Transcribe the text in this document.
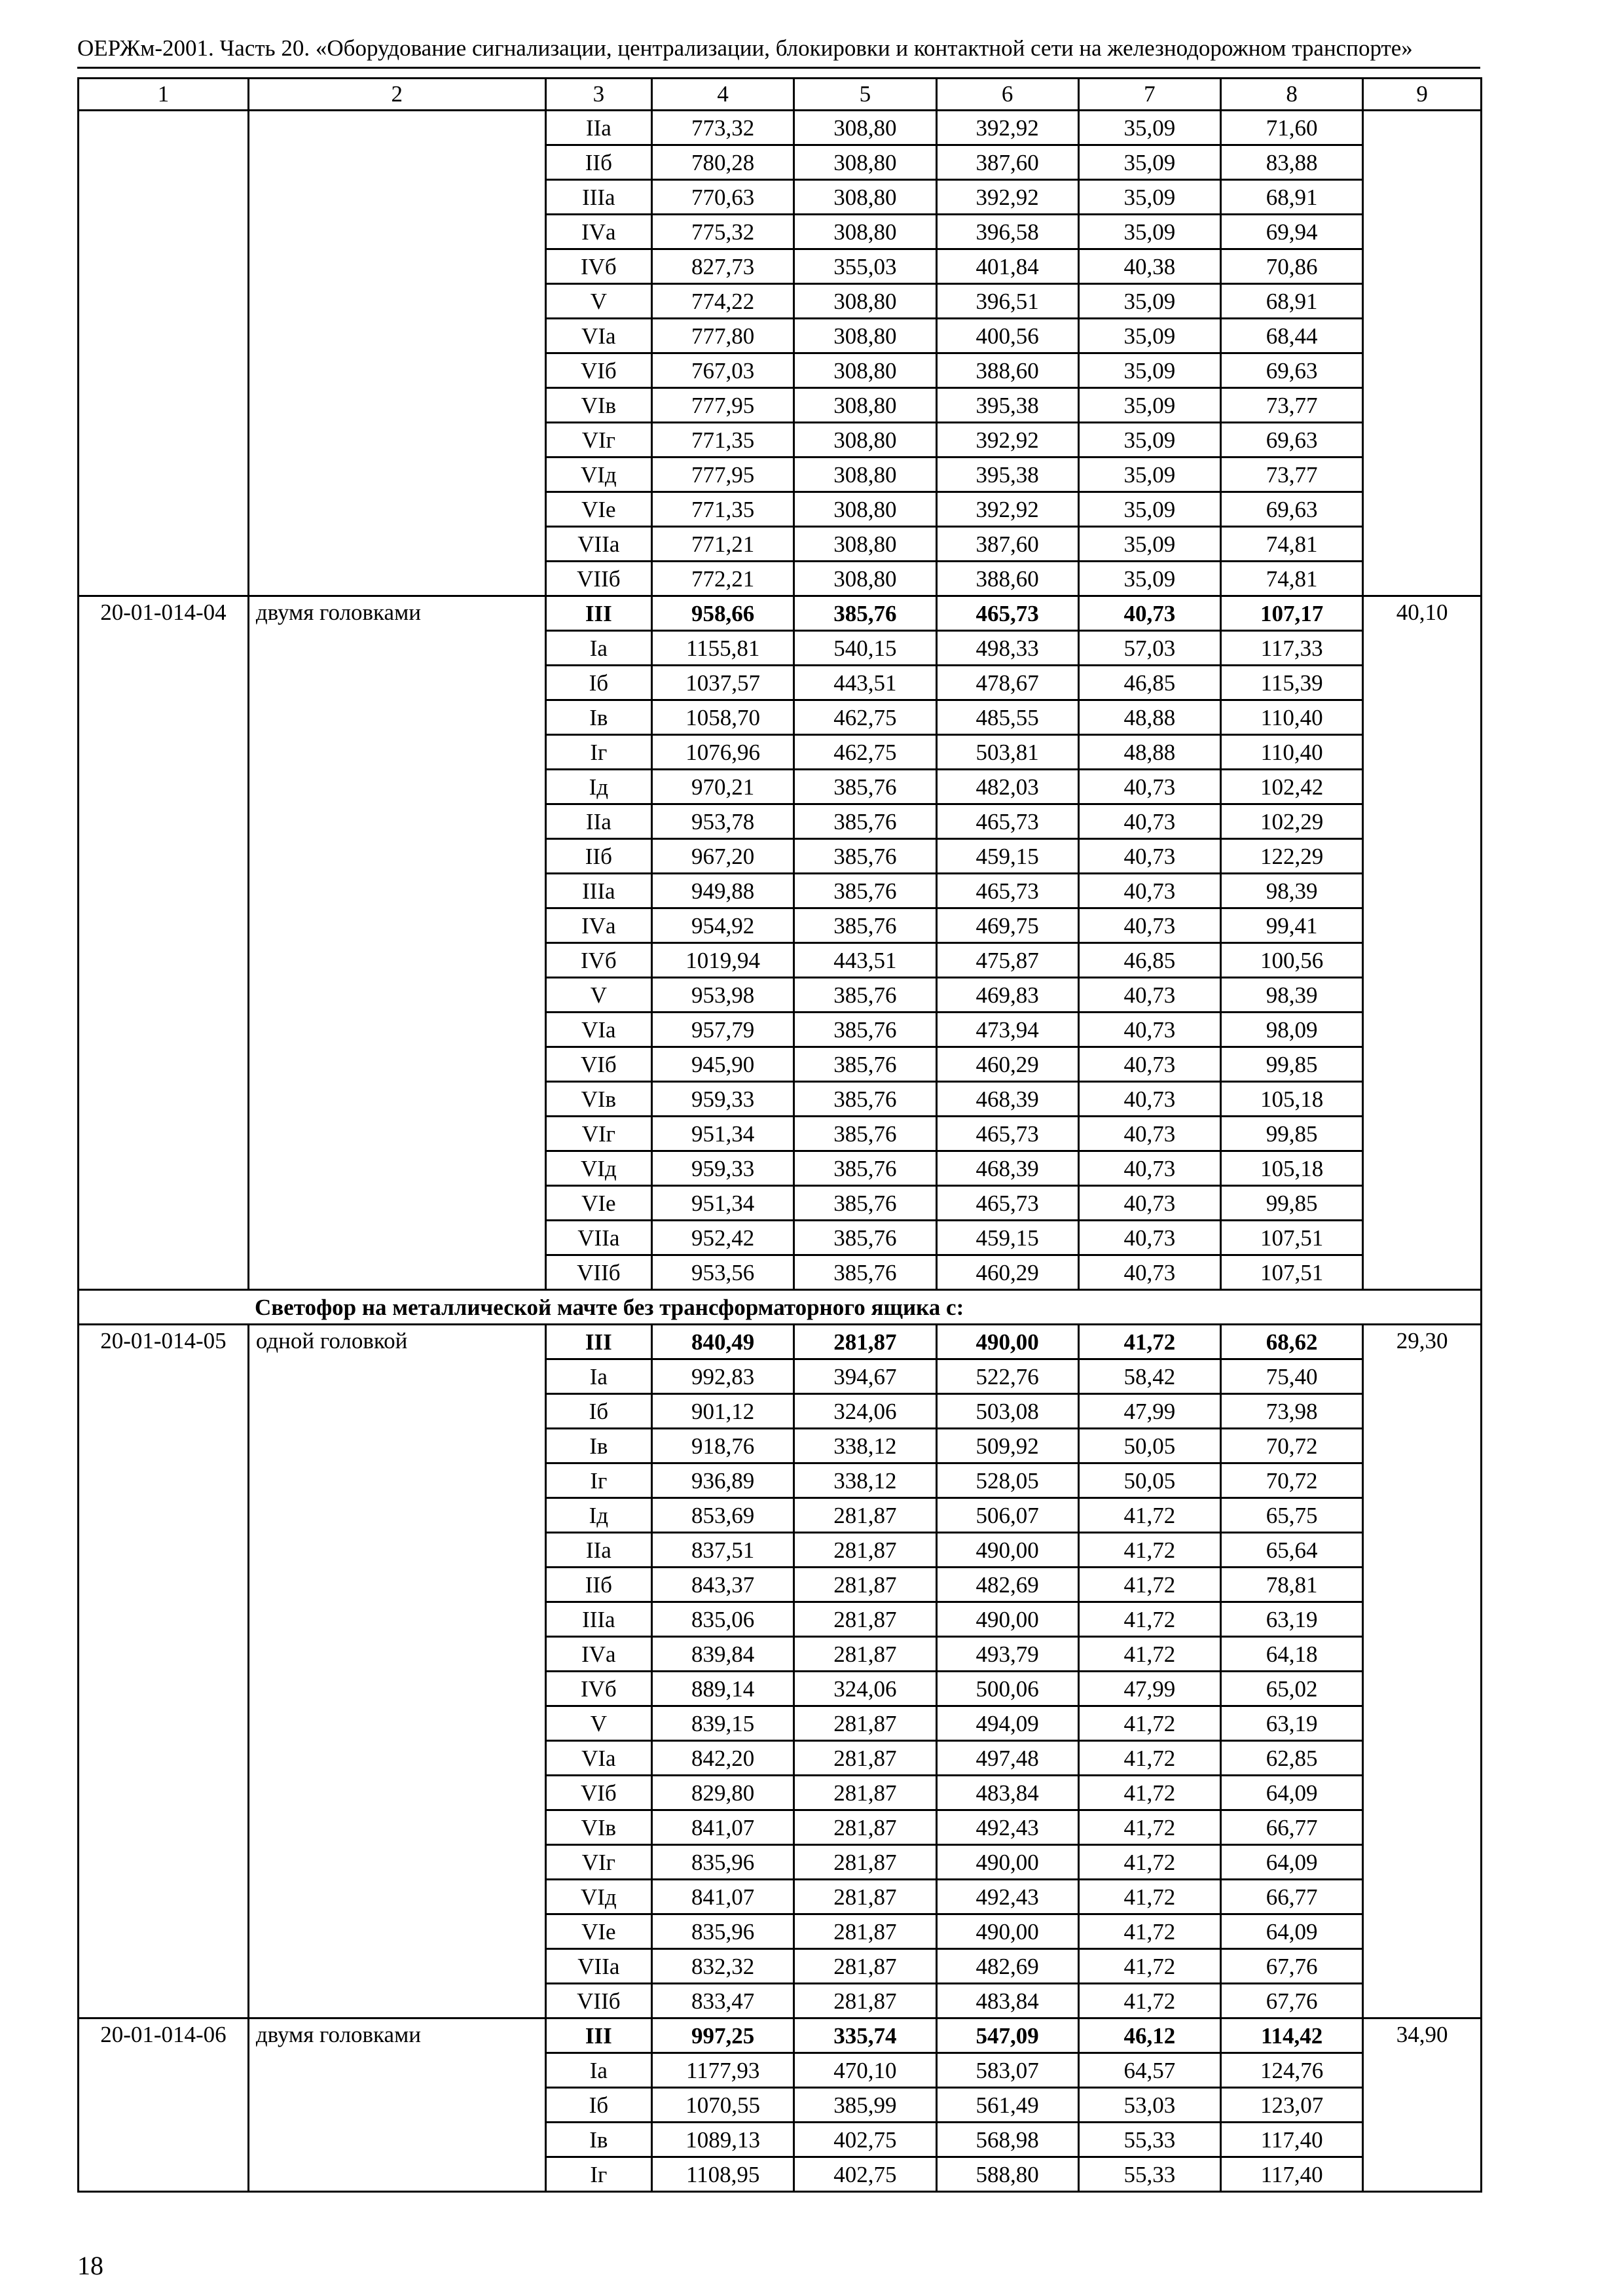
ОЕРЖм-2001. Часть 20. «Оборудование сигнализации, централизации, блокировки и контактной сети на железнодорожном транспорте»
1	2	3	4	5	6	7	8	9
		IIа	773,32	308,80	392,92	35,09	71,60	
		IIб	780,28	308,80	387,60	35,09	83,88	
		IIIа	770,63	308,80	392,92	35,09	68,91	
		IVа	775,32	308,80	396,58	35,09	69,94	
		IVб	827,73	355,03	401,84	40,38	70,86	
		V	774,22	308,80	396,51	35,09	68,91	
		VIа	777,80	308,80	400,56	35,09	68,44	
		VIб	767,03	308,80	388,60	35,09	69,63	
		VIв	777,95	308,80	395,38	35,09	73,77	
		VIг	771,35	308,80	392,92	35,09	69,63	
		VIд	777,95	308,80	395,38	35,09	73,77	
		VIе	771,35	308,80	392,92	35,09	69,63	
		VIIа	771,21	308,80	387,60	35,09	74,81	
		VIIб	772,21	308,80	388,60	35,09	74,81	
20-01-014-04	двумя головками	III	958,66	385,76	465,73	40,73	107,17	40,10
		Iа	1155,81	540,15	498,33	57,03	117,33	
		Iб	1037,57	443,51	478,67	46,85	115,39	
		Iв	1058,70	462,75	485,55	48,88	110,40	
		Iг	1076,96	462,75	503,81	48,88	110,40	
		Iд	970,21	385,76	482,03	40,73	102,42	
		IIа	953,78	385,76	465,73	40,73	102,29	
		IIб	967,20	385,76	459,15	40,73	122,29	
		IIIа	949,88	385,76	465,73	40,73	98,39	
		IVа	954,92	385,76	469,75	40,73	99,41	
		IVб	1019,94	443,51	475,87	46,85	100,56	
		V	953,98	385,76	469,83	40,73	98,39	
		VIа	957,79	385,76	473,94	40,73	98,09	
		VIб	945,90	385,76	460,29	40,73	99,85	
		VIв	959,33	385,76	468,39	40,73	105,18	
		VIг	951,34	385,76	465,73	40,73	99,85	
		VIд	959,33	385,76	468,39	40,73	105,18	
		VIе	951,34	385,76	465,73	40,73	99,85	
		VIIа	952,42	385,76	459,15	40,73	107,51	
		VIIб	953,56	385,76	460,29	40,73	107,51	
Светофор на металлической мачте без трансформаторного ящика с:								
20-01-014-05	одной головкой	III	840,49	281,87	490,00	41,72	68,62	29,30
		Iа	992,83	394,67	522,76	58,42	75,40	
		Iб	901,12	324,06	503,08	47,99	73,98	
		Iв	918,76	338,12	509,92	50,05	70,72	
		Iг	936,89	338,12	528,05	50,05	70,72	
		Iд	853,69	281,87	506,07	41,72	65,75	
		IIа	837,51	281,87	490,00	41,72	65,64	
		IIб	843,37	281,87	482,69	41,72	78,81	
		IIIа	835,06	281,87	490,00	41,72	63,19	
		IVа	839,84	281,87	493,79	41,72	64,18	
		IVб	889,14	324,06	500,06	47,99	65,02	
		V	839,15	281,87	494,09	41,72	63,19	
		VIа	842,20	281,87	497,48	41,72	62,85	
		VIб	829,80	281,87	483,84	41,72	64,09	
		VIв	841,07	281,87	492,43	41,72	66,77	
		VIг	835,96	281,87	490,00	41,72	64,09	
		VIд	841,07	281,87	492,43	41,72	66,77	
		VIе	835,96	281,87	490,00	41,72	64,09	
		VIIа	832,32	281,87	482,69	41,72	67,76	
		VIIб	833,47	281,87	483,84	41,72	67,76	
20-01-014-06	двумя головками	III	997,25	335,74	547,09	46,12	114,42	34,90
		Iа	1177,93	470,10	583,07	64,57	124,76	
		Iб	1070,55	385,99	561,49	53,03	123,07	
		Iв	1089,13	402,75	568,98	55,33	117,40	
		Iг	1108,95	402,75	588,80	55,33	117,40	
18
